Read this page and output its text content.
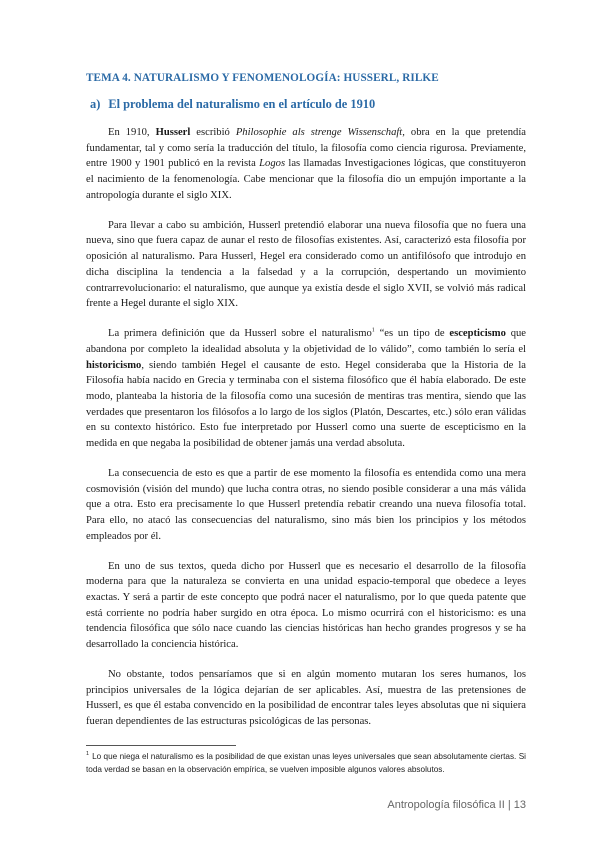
TEMA 4. NATURALISMO Y FENOMENOLOGÍA: HUSSERL, RILKE
a) El problema del naturalismo en el artículo de 1910

En 1910, Husserl escribió Philosophie als strenge Wissenschaft, obra en la que pretendía fundamentar, tal y como sería la traducción del título, la filosofía como ciencia rigurosa. Previamente, entre 1900 y 1901 publicó en la revista Logos las llamadas Investigaciones lógicas, que constituyeron el nacimiento de la fenomenología. Cabe mencionar que la filosofía dio un empujón importante a la antropología durante el siglo XIX.

Para llevar a cabo su ambición, Husserl pretendió elaborar una nueva filosofía que no fuera una nueva, sino que fuera capaz de aunar el resto de filosofías existentes. Así, caracterizó esta filosofía por oposición al naturalismo. Para Husserl, Hegel era considerado como un antifilósofo que introdujo en dicha disciplina la tendencia a la falsedad y a la corrupción, despertando un movimiento contrarrevolucionario: el naturalismo, que aunque ya existía desde el siglo XVII, se volvió más radical frente a Hegel durante el siglo XIX.

La primera definición que da Husserl sobre el naturalismo$^1$ “es un tipo de escepticismo que abandona por completo la idealidad absoluta y la objetividad de lo válido”, como también lo sería el historicismo, siendo también Hegel el causante de esto. Hegel consideraba que la Historia de la Filosofía había nacido en Grecia y terminaba con el sistema filosófico que él había elaborado. De este modo, planteaba la historia de la filosofía como una sucesión de mentiras tras mentira, siendo que las verdades que presentaron los filósofos a lo largo de los siglos (Platón, Descartes, etc.) sólo eran válidas en su contexto histórico. Esto fue interpretado por Husserl como una suerte de escepticismo en la medida en que negaba la posibilidad de obtener jamás una verdad absoluta.

La consecuencia de esto es que a partir de ese momento la filosofía es entendida como una mera cosmovisión (visión del mundo) que lucha contra otras, no siendo posible considerar a una más válida que a otra. Esto era precisamente lo que Husserl pretendía rebatir creando una nueva filosofía total. Para ello, no atacó las consecuencias del naturalismo, sino más bien los principios y los métodos empleados por él.

En uno de sus textos, queda dicho por Husserl que es necesario el desarrollo de la filosofía moderna para que la naturaleza se convierta en una unidad espacio-temporal que obedece a leyes exactas. Y será a partir de este concepto que podrá nacer el naturalismo, por lo que queda patente que está corriente no podría haber surgido en otra época. Lo mismo ocurrirá con el historicismo: es una tendencia filosófica que sólo nace cuando las ciencias históricas han hecho grandes progresos y se ha desarrollado la conciencia histórica.

No obstante, todos pensaríamos que si en algún momento mutaran los seres humanos, los principios universales de la lógica dejarían de ser aplicables. Así, muestra de las pretensiones de Husserl, es que él estaba convencido en la posibilidad de encontrar tales leyes absolutas que ni siquiera fueran dependientes de las estructuras psicológicas de las personas.

$^1$ Lo que niega el naturalismo es la posibilidad de que existan unas leyes universales que sean absolutamente ciertas. Si toda verdad se basan en la observación empírica, se vuelven imposible algunos valores absolutos.
Antropología filosófica II | 13
